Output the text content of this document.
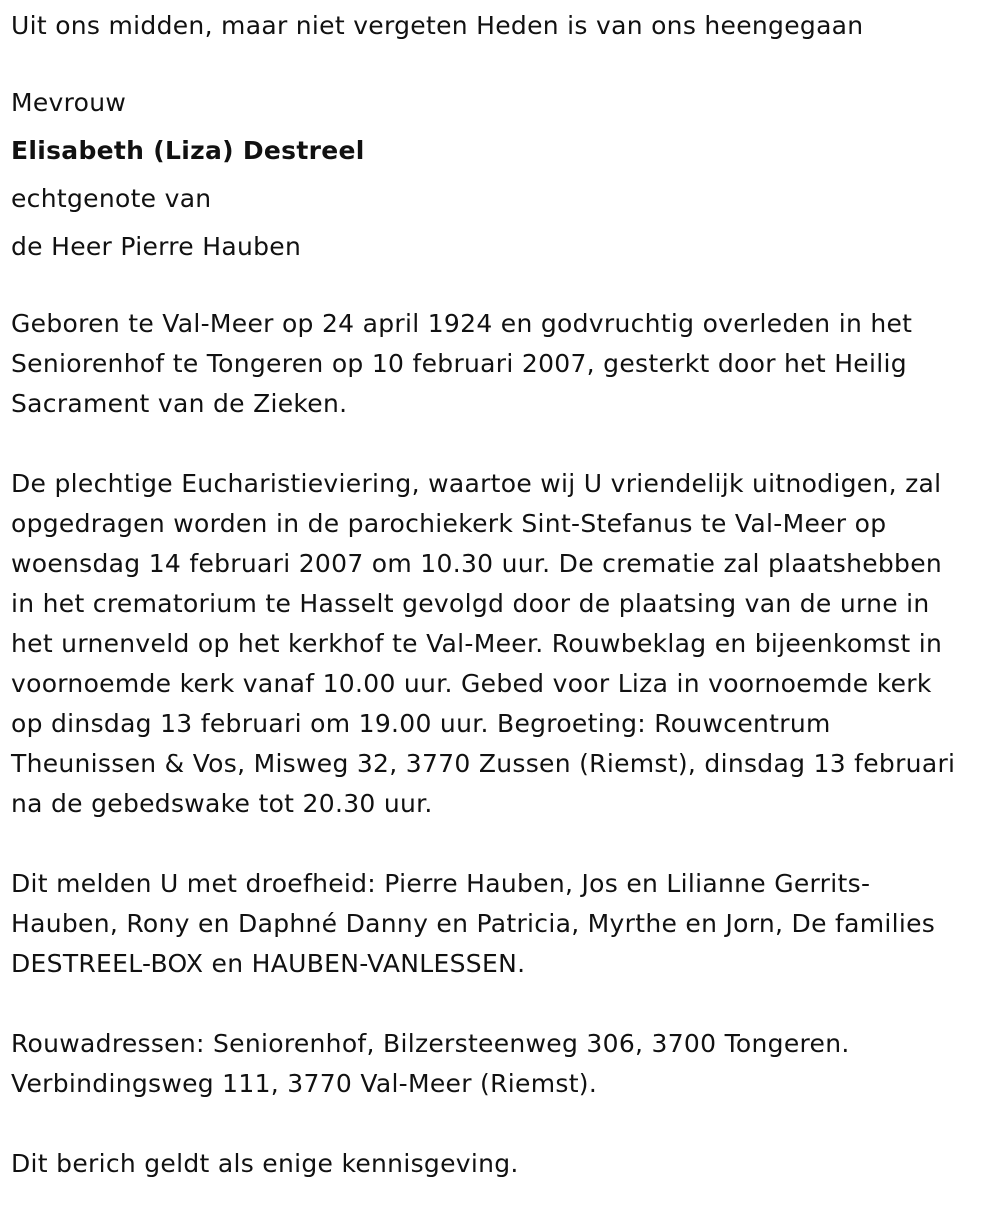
Uit ons midden, maar niet vergeten Heden is van ons heengegaan
Mevrouw
Elisabeth (Liza) Destreel
echtgenote van
de Heer Pierre Hauben
Geboren te Val-Meer op 24 april 1924 en godvruchtig overleden in het
Seniorenhof te Tongeren op 10 februari 2007, gesterkt door het Heilig
Sacrament van de Zieken.
De plechtige Eucharistieviering, waartoe wij U vriendelijk uitnodigen, zal
opgedragen worden in de parochiekerk Sint-Stefanus te Val-Meer op
woensdag 14 februari 2007 om 10.30 uur. De crematie zal plaatshebben
in het crematorium te Hasselt gevolgd door de plaatsing van de urne in
het urnenveld op het kerkhof te Val-Meer. Rouwbeklag en bijeenkomst in
voornoemde kerk vanaf 10.00 uur. Gebed voor Liza in voornoemde kerk
op dinsdag 13 februari om 19.00 uur. Begroeting: Rouwcentrum
Theunissen & Vos, Misweg 32, 3770 Zussen (Riemst), dinsdag 13 februari
na de gebedswake tot 20.30 uur.
Dit melden U met droefheid: Pierre Hauben, Jos en Lilianne Gerrits-
Hauben, Rony en Daphné Danny en Patricia, Myrthe en Jorn, De families
DESTREEL-BOX en HAUBEN-VANLESSEN.
Rouwadressen: Seniorenhof, Bilzersteenweg 306, 3700 Tongeren.
Verbindingsweg 111, 3770 Val-Meer (Riemst).
Dit berich geldt als enige kennisgeving.
